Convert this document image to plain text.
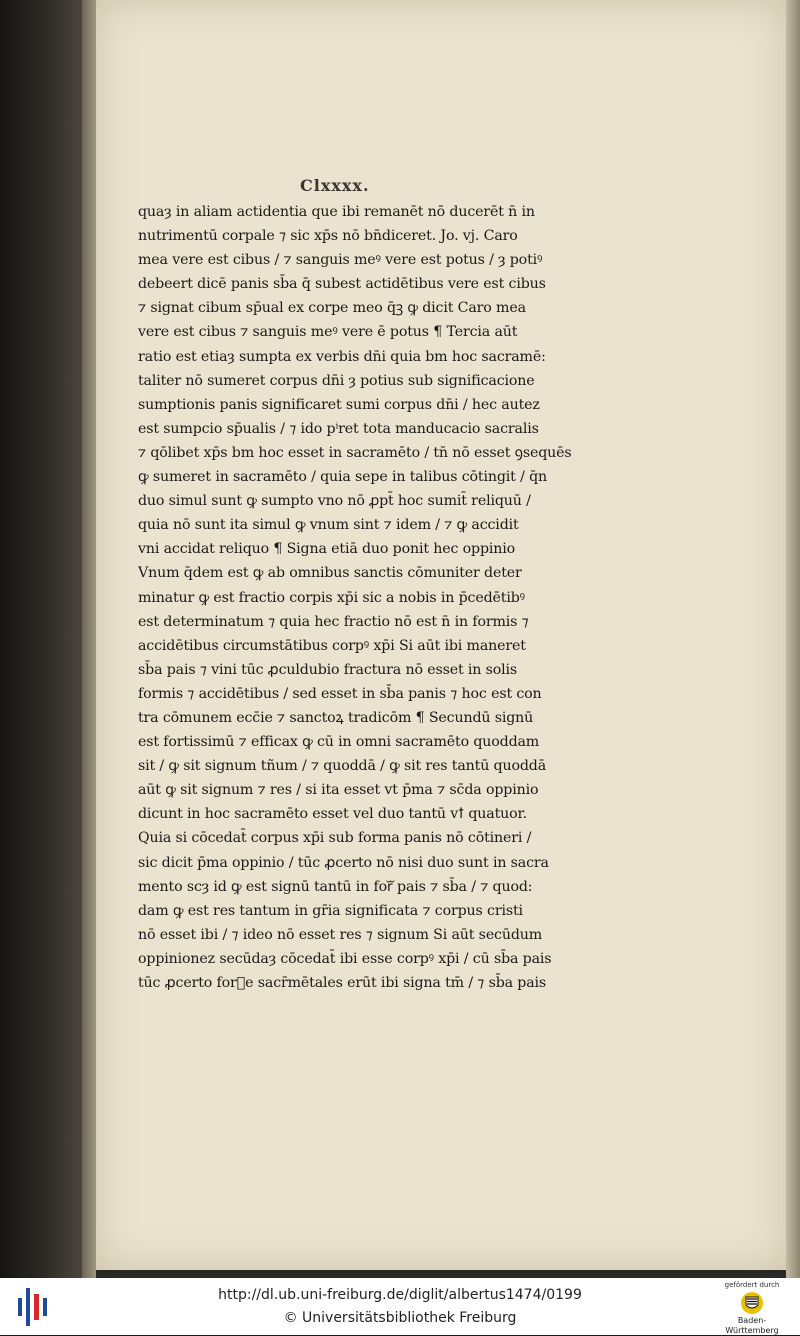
Clxxxx.
quaȝ in aliam actidentia que ibi remanēt nō ducerēt n̄ in
nutrimentū corpale ⁊ sic xp̄s nō bn̄diceret. Jo. vj. Caro
mea vere est cibus / ⁊ sanguis meꝰ vere est potus / ȝ potiꝰ
debeert dicē panis sb̄a q̄ subest actidētibus vere est cibus
⁊ signat cibum sp̄ual ex corpe meo q̄ꝫ ꝙ dicit Caro mea
vere est cibus ⁊ sanguis meꝰ vere ē potus ¶ Tercia aūt
ratio est etiaȝ sumpta ex verbis dn̄i quia bm hoc sacramē:
taliter nō sumeret corpus dn̄i ȝ potius sub significacione
sumptionis panis significaret sumi corpus dn̄i / hec autez
est sumpcio sp̄ualis / ⁊ ido pⁱret tota manducacio sacralis
⁊ qōlibet xp̄s bm hoc esset in sacramēto / tn̄ nō esset ꝯsequēs
ꝙ sumeret in sacramēto / quia sepe in talibus cōtingit / q̄n
duo simul sunt ꝙ sumpto vno nō ꝓpt̄ hoc sumit̄ reliquū /
quia nō sunt ita simul ꝙ vnum sint ⁊ idem / ⁊ ꝙ accidit
vni accidat reliquo ¶ Signa etiā duo ponit hec oppinio
Vnum q̄dem est ꝙ ab omnibus sanctis cōmuniter deter
minatur ꝙ est fractio corpis xp̄i sic a nobis in p̄cedētibꝰ
est determinatum ⁊ quia hec fractio nō est n̄ in formis ⁊
accidētibus circumstātibus corpꝰ xp̄i Si aūt ibi maneret
sb̄a pais ⁊ vini tūc ꝓculdubio fractura nō esset in solis
formis ⁊ accidētibus / sed esset in sb̄a panis ⁊ hoc est con
tra cōmunem ecc̄ie ⁊ sanctoꝝ tradicōm ¶ Secundū signū
est fortissimū ⁊ efficax ꝙ cū in omni sacramēto quoddam
sit / ꝙ sit signum tñum / ⁊ quoddā / ꝙ sit res tantū quoddā
aūt ꝙ sit signum ⁊ res / si ita esset vt p̄ma ⁊ sc̄da oppinio
dicunt in hoc sacramēto esset vel duo tantū vꝉ quatuor.
Quia si cōcedat̄ corpus xp̄i sub forma panis nō cōtineri /
sic dicit p̄ma oppinio / tūc ꝓcerto nō nisi duo sunt in sacra
mento scȝ id ꝙ est signū tantū in forᷓ pais ⁊ sb̄a / ⁊ quod:
dam ꝙ est res tantum in gr̄ia significata ⁊ corpus cristi
nō esset ibi / ⁊ ideo nō esset res ⁊ signum Si aūt secūdum
oppinionez secūdaȝ cōcedat̄ ibi esse corpꝰ xp̄i / cū sb̄a pais
tūc ꝓcerto forᷓe sacr̄mētales erūt ibi signa tm̄ / ⁊ sb̄a pais
http://dl.ub.uni-freiburg.de/diglit/albertus1474/0199
© Universitätsbibliothek Freiburg
gefördert durch
Baden-Württemberg
